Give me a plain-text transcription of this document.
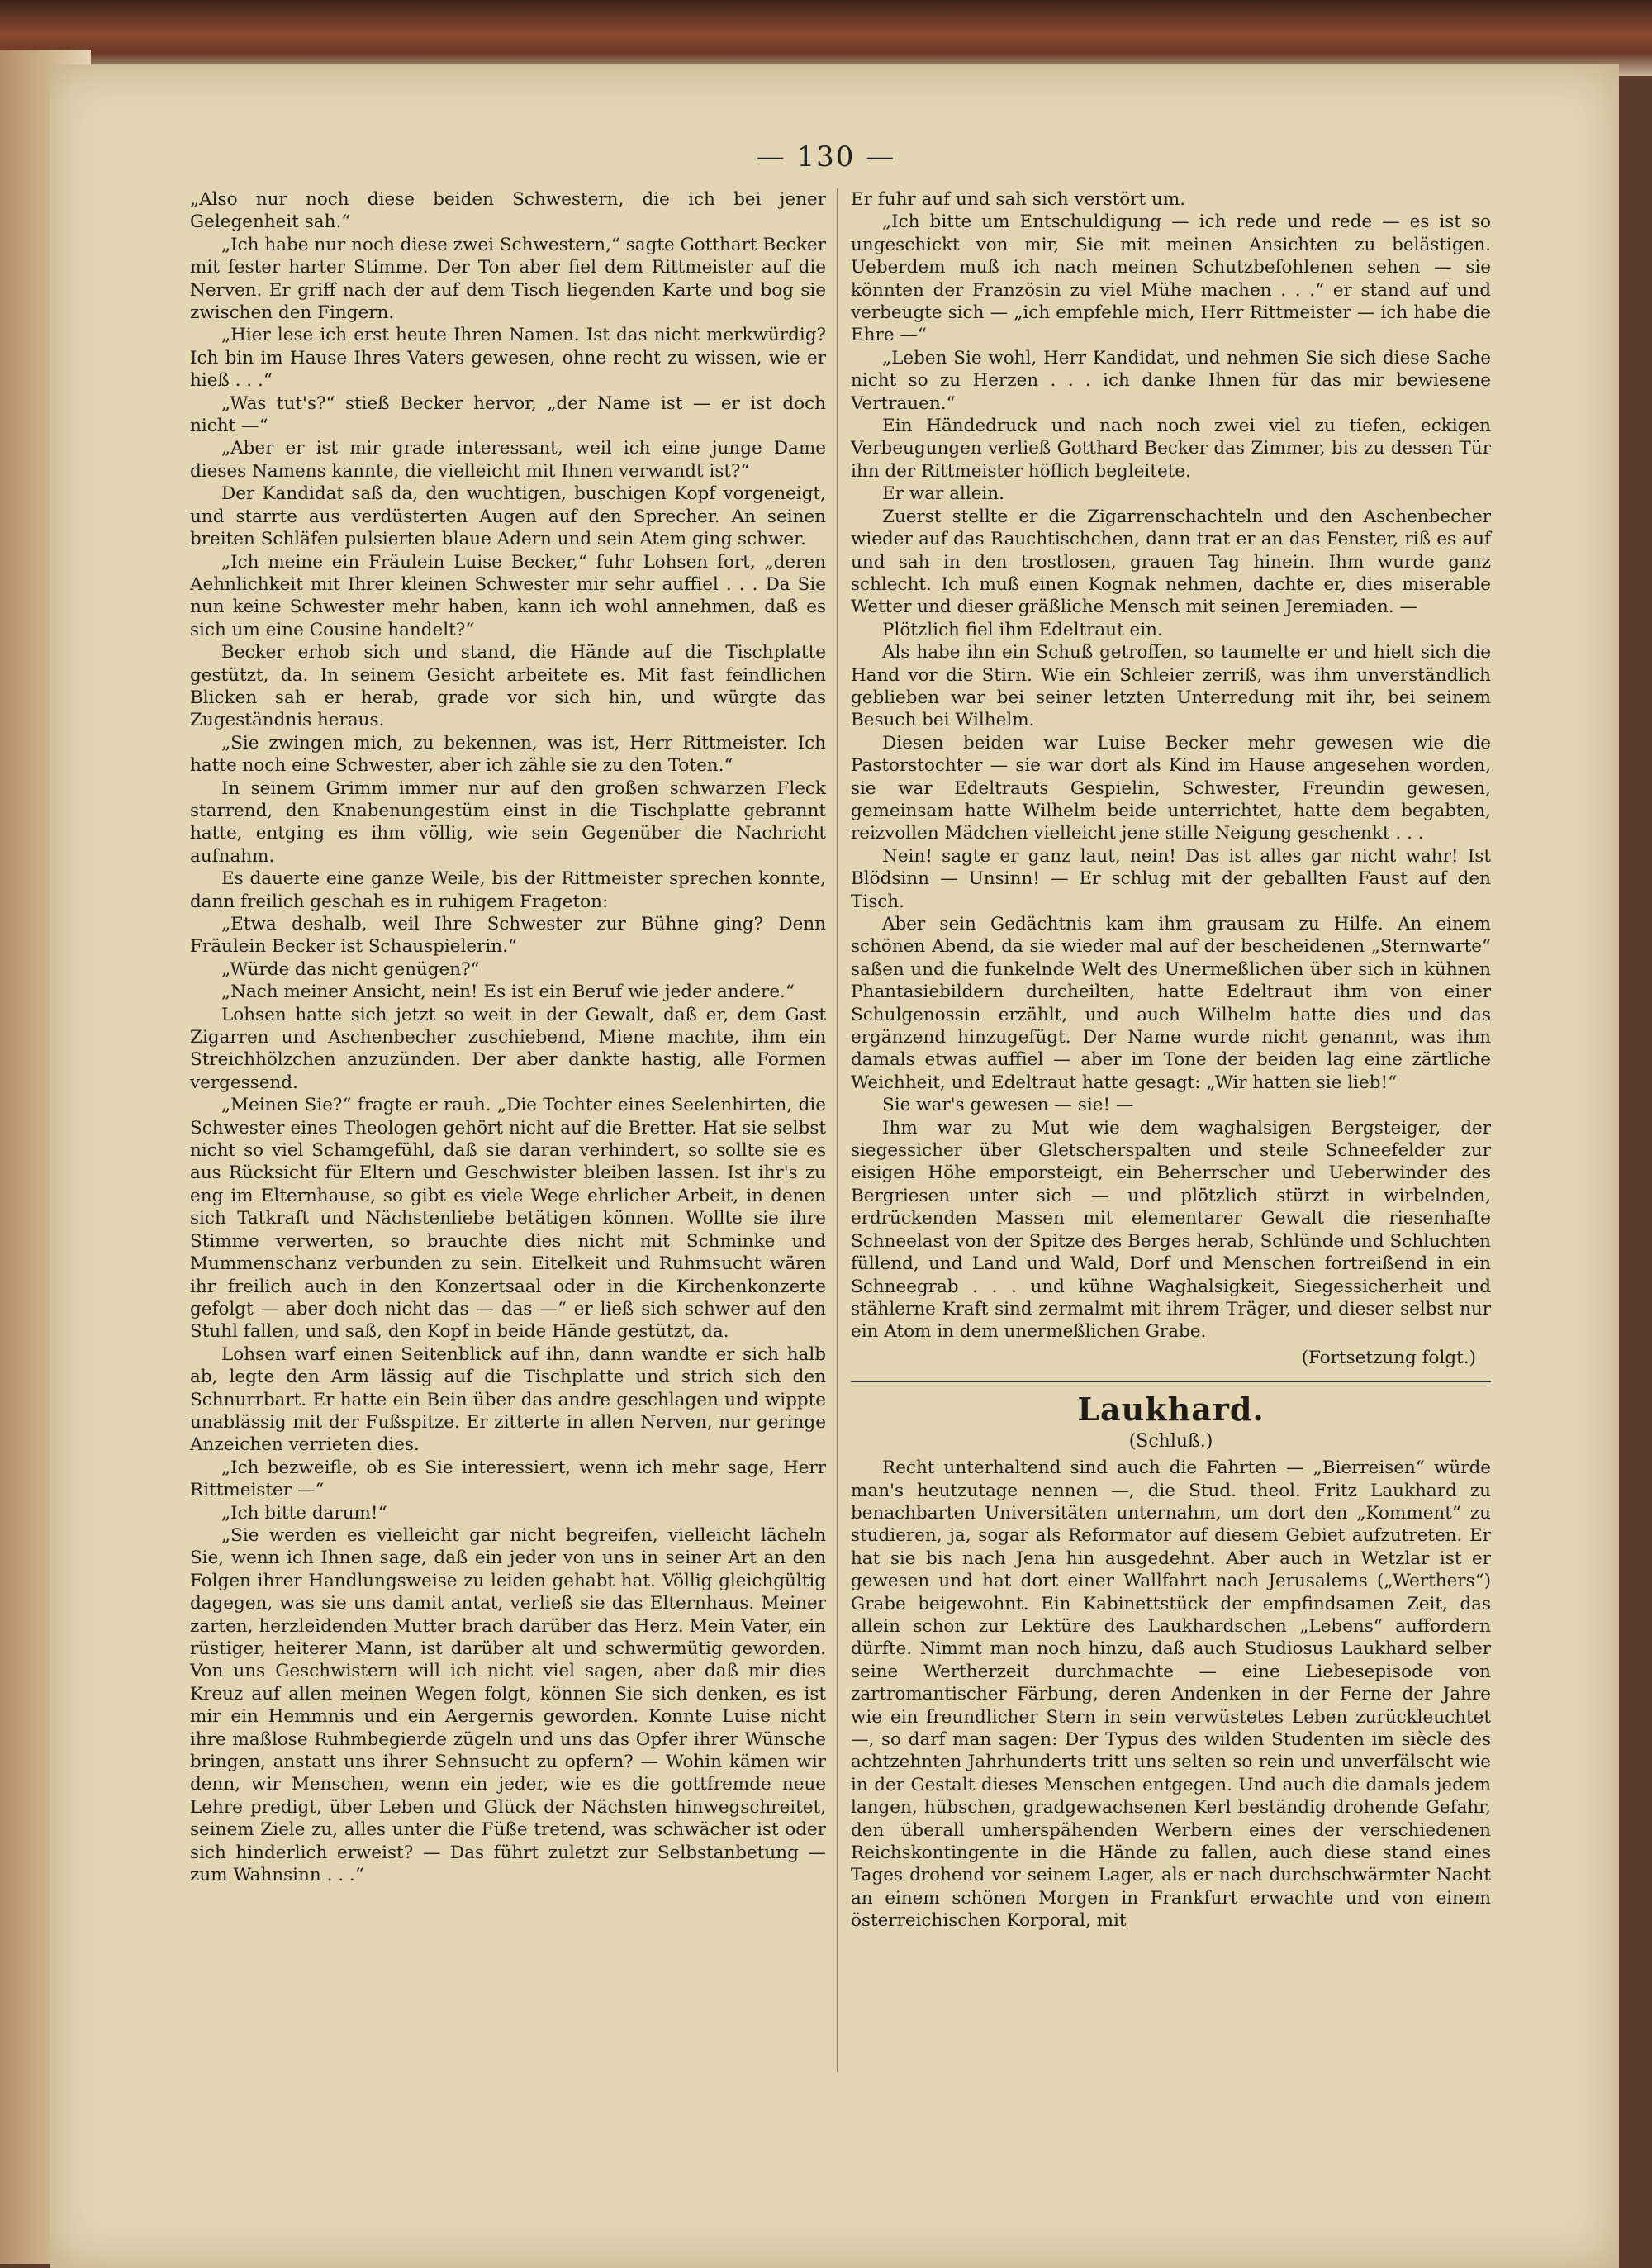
— 130 —

„Also nur noch diese beiden Schwestern, die ich bei jener Gelegenheit sah.“

„Ich habe nur noch diese zwei Schwestern,“ sagte Gotthart Becker mit fester harter Stimme. Der Ton aber fiel dem Rittmeister auf die Nerven. Er griff nach der auf dem Tisch liegenden Karte und bog sie zwischen den Fingern.

„Hier lese ich erst heute Ihren Namen. Ist das nicht merkwürdig? Ich bin im Hause Ihres Vaters gewesen, ohne recht zu wissen, wie er hieß . . .“

„Was tut's?“ stieß Becker hervor, „der Name ist — er ist doch nicht —“

„Aber er ist mir grade interessant, weil ich eine junge Dame dieses Namens kannte, die vielleicht mit Ihnen verwandt ist?“

Der Kandidat saß da, den wuchtigen, buschigen Kopf vorgeneigt, und starrte aus verdüsterten Augen auf den Sprecher. An seinen breiten Schläfen pulsierten blaue Adern und sein Atem ging schwer.

„Ich meine ein Fräulein Luise Becker,“ fuhr Lohsen fort, „deren Aehnlichkeit mit Ihrer kleinen Schwester mir sehr auffiel . . . Da Sie nun keine Schwester mehr haben, kann ich wohl annehmen, daß es sich um eine Cousine handelt?“

Becker erhob sich und stand, die Hände auf die Tischplatte gestützt, da. In seinem Gesicht arbeitete es. Mit fast feindlichen Blicken sah er herab, grade vor sich hin, und würgte das Zugeständnis heraus.

„Sie zwingen mich, zu bekennen, was ist, Herr Rittmeister. Ich hatte noch eine Schwester, aber ich zähle sie zu den Toten.“

In seinem Grimm immer nur auf den großen schwarzen Fleck starrend, den Knabenungestüm einst in die Tischplatte gebrannt hatte, entging es ihm völlig, wie sein Gegenüber die Nachricht aufnahm.

Es dauerte eine ganze Weile, bis der Rittmeister sprechen konnte, dann freilich geschah es in ruhigem Frageton:

„Etwa deshalb, weil Ihre Schwester zur Bühne ging? Denn Fräulein Becker ist Schauspielerin.“

„Würde das nicht genügen?“

„Nach meiner Ansicht, nein! Es ist ein Beruf wie jeder andere.“

Lohsen hatte sich jetzt so weit in der Gewalt, daß er, dem Gast Zigarren und Aschenbecher zuschiebend, Miene machte, ihm ein Streichhölzchen anzuzünden. Der aber dankte hastig, alle Formen vergessend.

„Meinen Sie?“ fragte er rauh. „Die Tochter eines Seelenhirten, die Schwester eines Theologen gehört nicht auf die Bretter. Hat sie selbst nicht so viel Schamgefühl, daß sie daran verhindert, so sollte sie es aus Rücksicht für Eltern und Geschwister bleiben lassen. Ist ihr's zu eng im Elternhause, so gibt es viele Wege ehrlicher Arbeit, in denen sich Tatkraft und Nächstenliebe betätigen können. Wollte sie ihre Stimme verwerten, so brauchte dies nicht mit Schminke und Mummenschanz verbunden zu sein. Eitelkeit und Ruhmsucht wären ihr freilich auch in den Konzertsaal oder in die Kirchenkonzerte gefolgt — aber doch nicht das — das —“ er ließ sich schwer auf den Stuhl fallen, und saß, den Kopf in beide Hände gestützt, da.

Lohsen warf einen Seitenblick auf ihn, dann wandte er sich halb ab, legte den Arm lässig auf die Tischplatte und strich sich den Schnurrbart. Er hatte ein Bein über das andre geschlagen und wippte unablässig mit der Fußspitze. Er zitterte in allen Nerven, nur geringe Anzeichen verrieten dies.

„Ich bezweifle, ob es Sie interessiert, wenn ich mehr sage, Herr Rittmeister —“

„Ich bitte darum!“

„Sie werden es vielleicht gar nicht begreifen, vielleicht lächeln Sie, wenn ich Ihnen sage, daß ein jeder von uns in seiner Art an den Folgen ihrer Handlungsweise zu leiden gehabt hat. Völlig gleichgültig dagegen, was sie uns damit antat, verließ sie das Elternhaus. Meiner zarten, herzleidenden Mutter brach darüber das Herz. Mein Vater, ein rüstiger, heiterer Mann, ist darüber alt und schwermütig geworden. Von uns Geschwistern will ich nicht viel sagen, aber daß mir dies Kreuz auf allen meinen Wegen folgt, können Sie sich denken, es ist mir ein Hemmnis und ein Aergernis geworden. Konnte Luise nicht ihre maßlose Ruhmbegierde zügeln und uns das Opfer ihrer Wünsche bringen, anstatt uns ihrer Sehnsucht zu opfern? — Wohin kämen wir denn, wir Menschen, wenn ein jeder, wie es die gottfremde neue Lehre predigt, über Leben und Glück der Nächsten hinwegschreitet, seinem Ziele zu, alles unter die Füße tretend, was schwächer ist oder sich hinderlich erweist? — Das führt zuletzt zur Selbstanbetung — zum Wahnsinn . . .“

Er fuhr auf und sah sich verstört um.

„Ich bitte um Entschuldigung — ich rede und rede — es ist so ungeschickt von mir, Sie mit meinen Ansichten zu belästigen. Ueberdem muß ich nach meinen Schutzbefohlenen sehen — sie könnten der Französin zu viel Mühe machen . . .“ er stand auf und verbeugte sich — „ich empfehle mich, Herr Rittmeister — ich habe die Ehre —“

„Leben Sie wohl, Herr Kandidat, und nehmen Sie sich diese Sache nicht so zu Herzen . . . ich danke Ihnen für das mir bewiesene Vertrauen.“

Ein Händedruck und nach noch zwei viel zu tiefen, eckigen Verbeugungen verließ Gotthard Becker das Zimmer, bis zu dessen Tür ihn der Rittmeister höflich begleitete.

Er war allein.

Zuerst stellte er die Zigarrenschachteln und den Aschenbecher wieder auf das Rauchtischchen, dann trat er an das Fenster, riß es auf und sah in den trostlosen, grauen Tag hinein. Ihm wurde ganz schlecht. Ich muß einen Kognak nehmen, dachte er, dies miserable Wetter und dieser gräßliche Mensch mit seinen Jeremiaden. —

Plötzlich fiel ihm Edeltraut ein.

Als habe ihn ein Schuß getroffen, so taumelte er und hielt sich die Hand vor die Stirn. Wie ein Schleier zerriß, was ihm unverständlich geblieben war bei seiner letzten Unterredung mit ihr, bei seinem Besuch bei Wilhelm.

Diesen beiden war Luise Becker mehr gewesen wie die Pastorstochter — sie war dort als Kind im Hause angesehen worden, sie war Edeltrauts Gespielin, Schwester, Freundin gewesen, gemeinsam hatte Wilhelm beide unterrichtet, hatte dem begabten, reizvollen Mädchen vielleicht jene stille Neigung geschenkt . . .

Nein! sagte er ganz laut, nein! Das ist alles gar nicht wahr! Ist Blödsinn — Unsinn! — Er schlug mit der geballten Faust auf den Tisch.

Aber sein Gedächtnis kam ihm grausam zu Hilfe. An einem schönen Abend, da sie wieder mal auf der bescheidenen „Sternwarte“ saßen und die funkelnde Welt des Unermeßlichen über sich in kühnen Phantasiebildern durcheilten, hatte Edeltraut ihm von einer Schulgenossin erzählt, und auch Wilhelm hatte dies und das ergänzend hinzugefügt. Der Name wurde nicht genannt, was ihm damals etwas auffiel — aber im Tone der beiden lag eine zärtliche Weichheit, und Edeltraut hatte gesagt: „Wir hatten sie lieb!“

Sie war's gewesen — sie! —

Ihm war zu Mut wie dem waghalsigen Bergsteiger, der siegessicher über Gletscherspalten und steile Schneefelder zur eisigen Höhe emporsteigt, ein Beherrscher und Ueberwinder des Bergriesen unter sich — und plötzlich stürzt in wirbelnden, erdrückenden Massen mit elementarer Gewalt die riesenhafte Schneelast von der Spitze des Berges herab, Schlünde und Schluchten füllend, und Land und Wald, Dorf und Menschen fortreißend in ein Schneegrab . . . und kühne Waghalsigkeit, Siegessicherheit und stählerne Kraft sind zermalmt mit ihrem Träger, und dieser selbst nur ein Atom in dem unermeßlichen Grabe.

(Fortsetzung folgt.)

Laukhard.
(Schluß.)

Recht unterhaltend sind auch die Fahrten — „Bierreisen“ würde man's heutzutage nennen —, die Stud. theol. Fritz Laukhard zu benachbarten Universitäten unternahm, um dort den „Komment“ zu studieren, ja, sogar als Reformator auf diesem Gebiet aufzutreten. Er hat sie bis nach Jena hin ausgedehnt. Aber auch in Wetzlar ist er gewesen und hat dort einer Wallfahrt nach Jerusalems („Werthers“) Grabe beigewohnt. Ein Kabinettstück der empfindsamen Zeit, das allein schon zur Lektüre des Laukhardschen „Lebens“ auffordern dürfte. Nimmt man noch hinzu, daß auch Studiosus Laukhard selber seine Wertherzeit durchmachte — eine Liebesepisode von zartromantischer Färbung, deren Andenken in der Ferne der Jahre wie ein freundlicher Stern in sein verwüstetes Leben zurückleuchtet —, so darf man sagen: Der Typus des wilden Studenten im siècle des achtzehnten Jahrhunderts tritt uns selten so rein und unverfälscht wie in der Gestalt dieses Menschen entgegen. Und auch die damals jedem langen, hübschen, gradgewachsenen Kerl beständig drohende Gefahr, den überall umherspähenden Werbern eines der verschiedenen Reichskontingente in die Hände zu fallen, auch diese stand eines Tages drohend vor seinem Lager, als er nach durchschwärmter Nacht an einem schönen Morgen in Frankfurt erwachte und von einem österreichischen Korporal, mit
